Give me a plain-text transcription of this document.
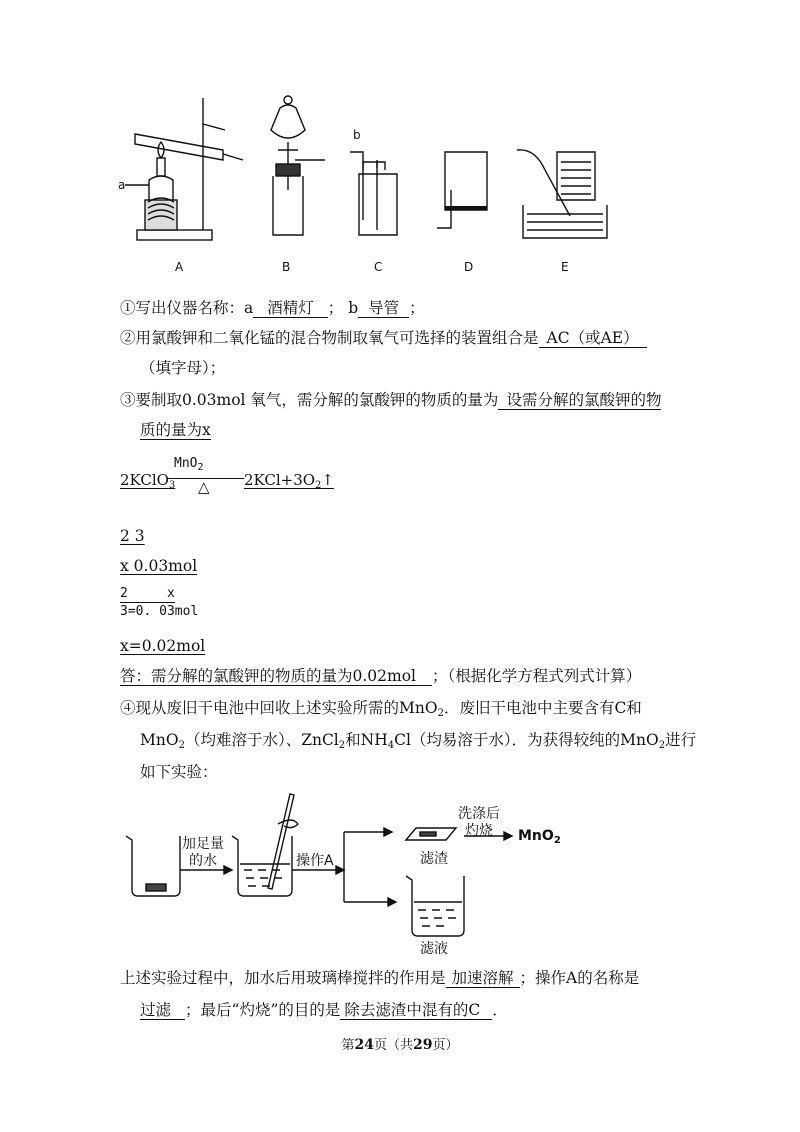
a
b
A	B	C	D	E
①写出仪器名称：a 酒精灯 ； b 导管 ；
②用氯酸钾和二氧化锰的混合物制取氧气可选择的装置组合是 AC（或AE）
（填字母）；
③要制取0.03mol 氧气，需分解的氯酸钾的物质的量为 设需分解的氯酸钾的物
质的量为x
MnO$_2$
△
2KClO$_3$	$2KCl+3O_2↑$
2 3
x 0.03mol
2     x
3=0. 03mol
x=0.02mol
答：需分解的氯酸钾的物质的量为0.02mol ；（根据化学方程式列式计算）
④现从废旧干电池中回收上述实验所需的MnO$_2$．废旧干电池中主要含有C和
MnO$_2$（均难溶于水）、ZnCl$_2$和$NH_4Cl$（均易溶于水）．为获得较纯的MnO$_2$进行
如下实验：
加足量
的水	操作A	滤渣
滤液
洗涤后
灼烧	MnO$_2$
上述实验过程中，加水后用玻璃棒搅拌的作用是 加速溶解 ；操作A的名称是
过滤 ；最后“灼烧”的目的是 除去滤渣中混有的C ．
第24页（共29页）
